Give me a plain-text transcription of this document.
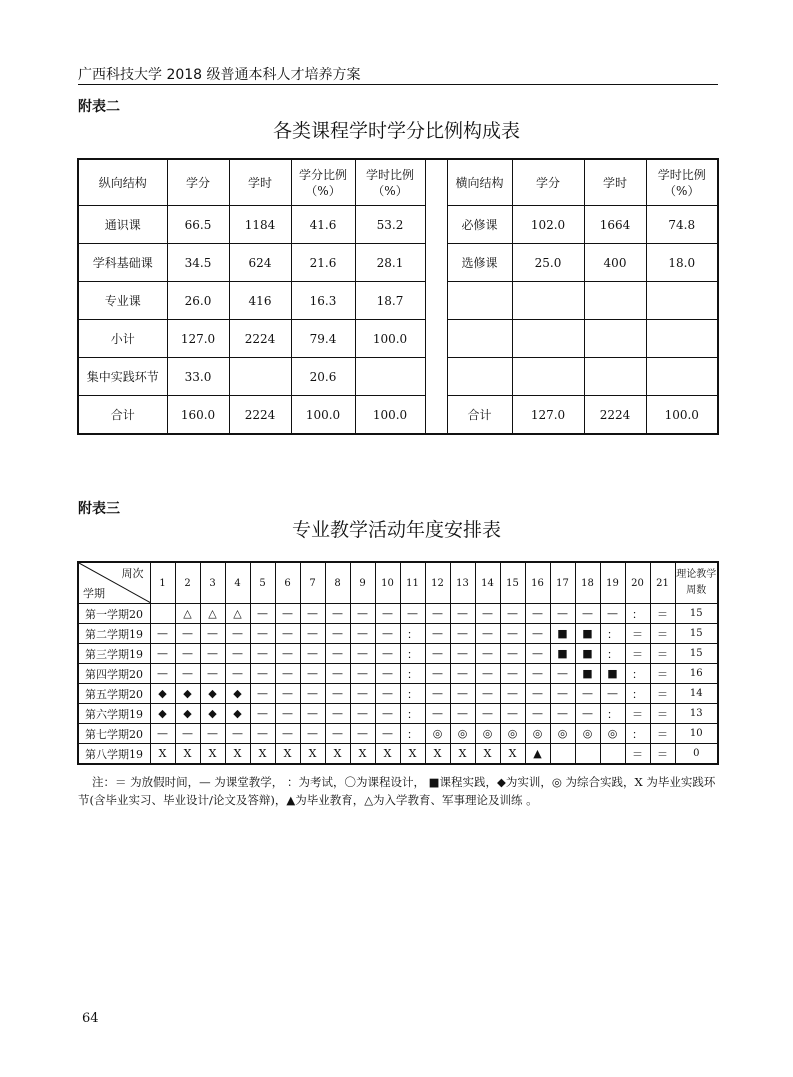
广西科技大学 2018 级普通本科人才培养方案
附表二
各类课程学时学分比例构成表
纵向结构	学分	学时	学分比例（%）	学时比例（%）		横向结构	学分	学时	学时比例（%）
通识课	66.5	1184	41.6	53.2		必修课	102.0	1664	74.8
学科基础课	34.5	624	21.6	28.1		选修课	25.0	400	18.0
专业课	26.0	416	16.3	18.7					
小计	127.0	2224	79.4	100.0					
集中实践环节	33.0		20.6						
合计	160.0	2224	100.0	100.0		合计	127.0	2224	100.0
附表三
专业教学活动年度安排表
周次
学期	1	2	3	4	5	6	7	8	9	10	11	12	13	14	15	16	17	18	19	20	21	理论教学周数
第一学期20		△	△	△	—	—	—	—	—	—	—	—	—	—	—	—	—	—	—	：	＝	15
第二学期19	—	—	—	—	—	—	—	—	—	—	：	—	—	—	—	—	■	■	：	＝	＝	15
第三学期19	—	—	—	—	—	—	—	—	—	—	：	—	—	—	—	—	■	■	：	＝	＝	15
第四学期20	—	—	—	—	—	—	—	—	—	—	：	—	—	—	—	—	—	■	■	：	＝	16
第五学期20	◆	◆	◆	◆	—	—	—	—	—	—	：	—	—	—	—	—	—	—	—	：	＝	14
第六学期19	◆	◆	◆	◆	—	—	—	—	—	—	：	—	—	—	—	—	—	—	：	＝	＝	13
第七学期20	—	—	—	—	—	—	—	—	—	—	：	◎	◎	◎	◎	◎	◎	◎	◎	：	＝	10
第八学期19	X	X	X	X	X	X	X	X	X	X	X	X	X	X	X	▲				＝	＝	0
注：＝ 为放假时间，— 为课堂教学， ：为考试，〇为课程设计， ■课程实践，◆为实训，◎ 为综合实践，X 为毕业实践环节(含毕业实习、毕业设计/论文及答辩)，▲为毕业教育，△为入学教育、军事理论及训练 。
64
